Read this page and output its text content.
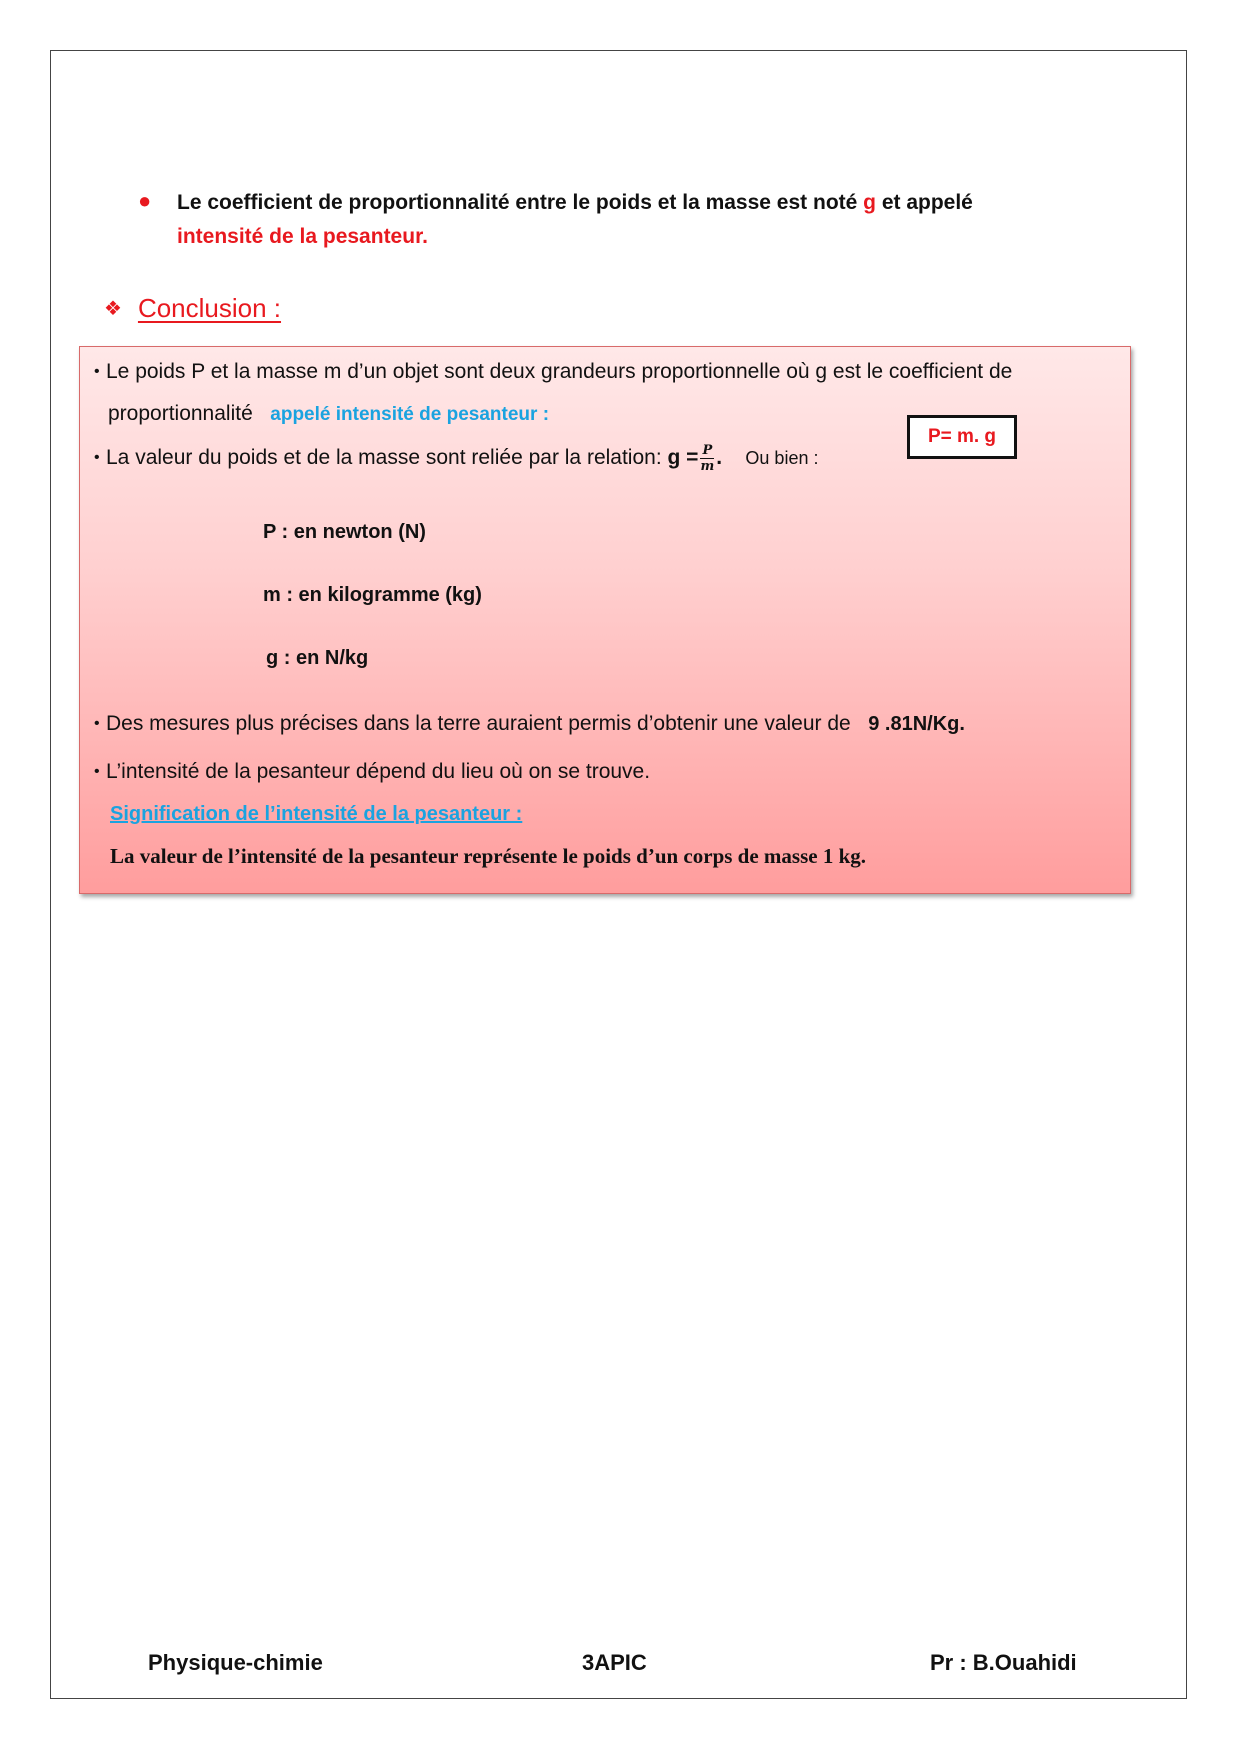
●	Le coefficient de proportionnalité entre le poids et la masse est noté g et appelé
intensité de la pesanteur.
❖ Conclusion :
• Le poids P et la masse m d’un objet sont deux grandeurs proportionnelle où g est le coefficient de
proportionnalité appelé intensité de pesanteur :
P= m. g
• La valeur du poids et de la masse sont reliée par la relation: $g = \frac{P}{m}$ . Ou bien :
P : en newton (N)
m : en kilogramme (kg)
g : en N/kg
• Des mesures plus précises dans la terre auraient permis d’obtenir une valeur de 9 .81N/Kg.
• L’intensité de la pesanteur dépend du lieu où on se trouve.
Signification de l’intensité de la pesanteur :
La valeur de l’intensité de la pesanteur représente le poids d’un corps de masse 1 kg.
Physique-chimie	3APIC	Pr : B.Ouahidi
